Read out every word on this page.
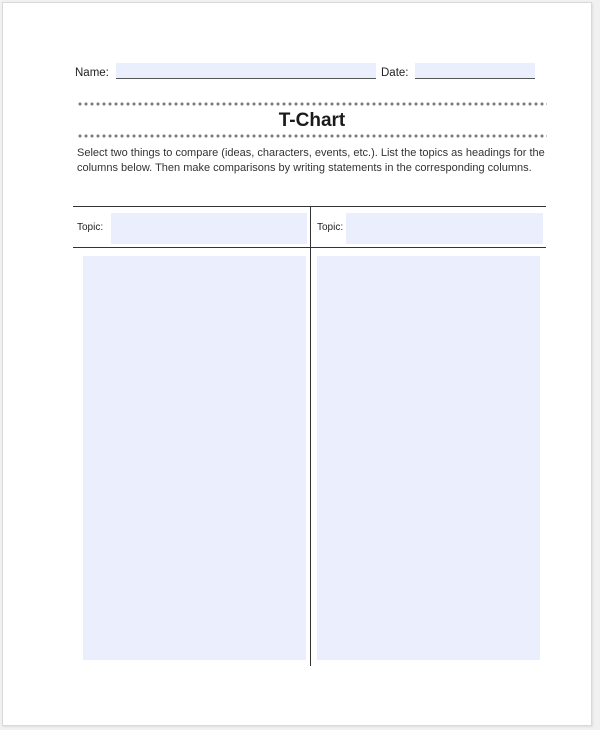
Name:	Date:
T-Chart
Select two things to compare (ideas, characters, events, etc.). List the topics as headings for the columns below. Then make comparisons by writing statements in the corresponding columns.
Topic:	Topic:
